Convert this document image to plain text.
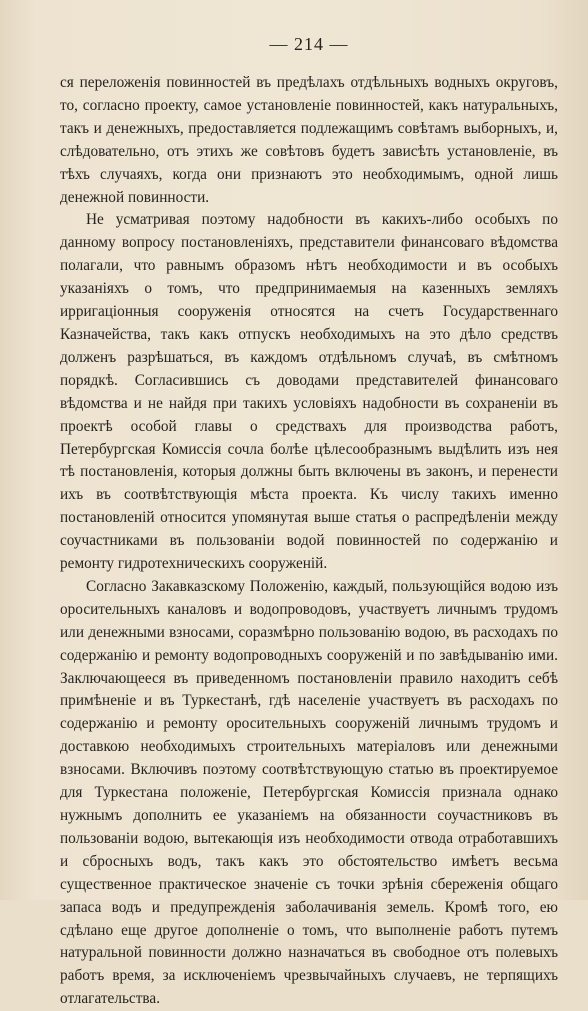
— 214 —

ся переложенія повинностей въ предѣлахъ отдѣльныхъ водныхъ округовъ, то, согласно проекту, самое установленіе повинностей, какъ натуральныхъ, такъ и денежныхъ, предоставляется подлежащимъ совѣтамъ выборныхъ, и, слѣдовательно, отъ этихъ же совѣтовъ будетъ зависѣть установленіе, въ тѣхъ случаяхъ, когда они признаютъ это необходимымъ, одной лишь денежной повинности.

Не усматривая поэтому надобности въ какихъ-либо особыхъ по данному вопросу постановленіяхъ, представители финансоваго вѣдомства полагали, что равнымъ образомъ нѣтъ необходимости и въ особыхъ указаніяхъ о томъ, что предпринимаемыя на казенныхъ земляхъ ирригаціонныя сооруженія относятся на счетъ Государственнаго Казначейства, такъ какъ отпускъ необходимыхъ на это дѣло средствъ долженъ разрѣшаться, въ каждомъ отдѣльномъ случаѣ, въ смѣтномъ порядкѣ. Согласившись съ доводами представителей финансоваго вѣдомства и не найдя при такихъ условіяхъ надобности въ сохраненіи въ проектѣ особой главы о средствахъ для производства работъ, Петербургская Комиссія сочла болѣе цѣлесообразнымъ выдѣлить изъ нея тѣ постановленія, которыя должны быть включены въ законъ, и перенести ихъ въ соотвѣтствующія мѣста проекта. Къ числу такихъ именно постановленій относится упомянутая выше статья о распредѣленіи между соучастниками въ пользованіи водой повинностей по содержанію и ремонту гидротехническихъ сооруженій.

Согласно Закавказскому Положенію, каждый, пользующійся водою изъ оросительныхъ каналовъ и водопроводовъ, участвуетъ личнымъ трудомъ или денежными взносами, соразмѣрно пользованію водою, въ расходахъ по содержанію и ремонту водопроводныхъ сооруженій и по завѣдыванію ими. Заключающееся въ приведенномъ постановленіи правило находитъ себѣ примѣненіе и въ Туркестанѣ, гдѣ населеніе участвуетъ въ расходахъ по содержанію и ремонту оросительныхъ сооруженій личнымъ трудомъ и доставкою необходимыхъ строительныхъ матеріаловъ или денежными взносами. Включивъ поэтому соотвѣтствующую статью въ проектируемое для Туркестана положеніе, Петербургская Комиссія признала однако нужнымъ дополнить ее указаніемъ на обязанности соучастниковъ въ пользованіи водою, вытекающія изъ необходимости отвода отработавшихъ и сбросныхъ водъ, такъ какъ это обстоятельство имѣетъ весьма существенное практическое значеніе съ точки зрѣнія сбереженія общаго запаса водъ и предупрежденія заболачиванія земель. Кромѣ того, ею сдѣлано еще другое дополненіе о томъ, что выполненіе работъ путемъ натуральной повинности должно назначаться въ свободное отъ полевыхъ работъ время, за исключеніемъ чрезвычайныхъ случаевъ, не терпящихъ отлагательства.
